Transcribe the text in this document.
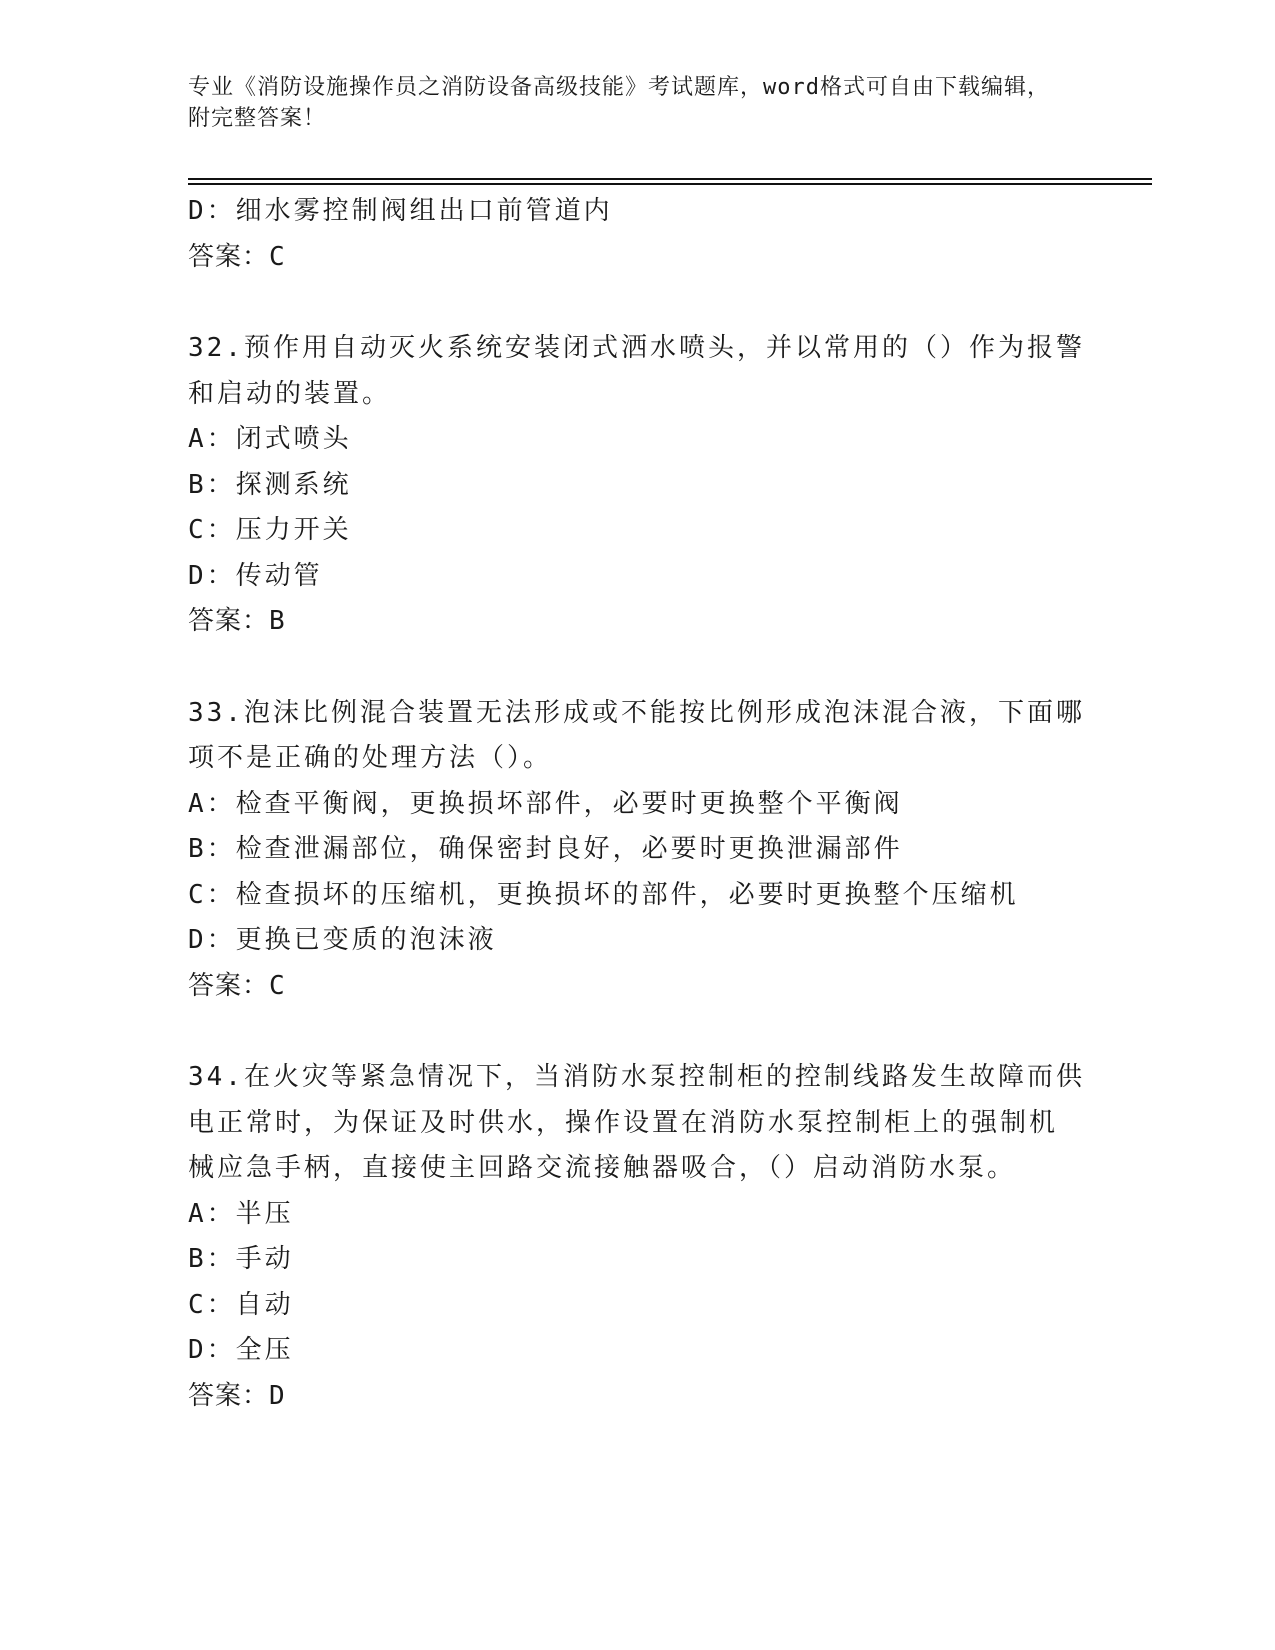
专业《消防设施操作员之消防设备高级技能》考试题库，word格式可自由下载编辑，附完整答案！
D：细水雾控制阀组出口前管道内
答案：C
32.预作用自动灭火系统安装闭式洒水喷头，并以常用的（）作为报警
和启动的装置。
A：闭式喷头
B：探测系统
C：压力开关
D：传动管
答案：B
33.泡沫比例混合装置无法形成或不能按比例形成泡沫混合液，下面哪
项不是正确的处理方法（）。
A：检查平衡阀，更换损坏部件，必要时更换整个平衡阀
B：检查泄漏部位，确保密封良好，必要时更换泄漏部件
C：检查损坏的压缩机，更换损坏的部件，必要时更换整个压缩机
D：更换已变质的泡沫液
答案：C
34.在火灾等紧急情况下，当消防水泵控制柜的控制线路发生故障而供
电正常时，为保证及时供水，操作设置在消防水泵控制柜上的强制机
械应急手柄，直接使主回路交流接触器吸合，（）启动消防水泵。
A：半压
B：手动
C：自动
D：全压
答案：D
